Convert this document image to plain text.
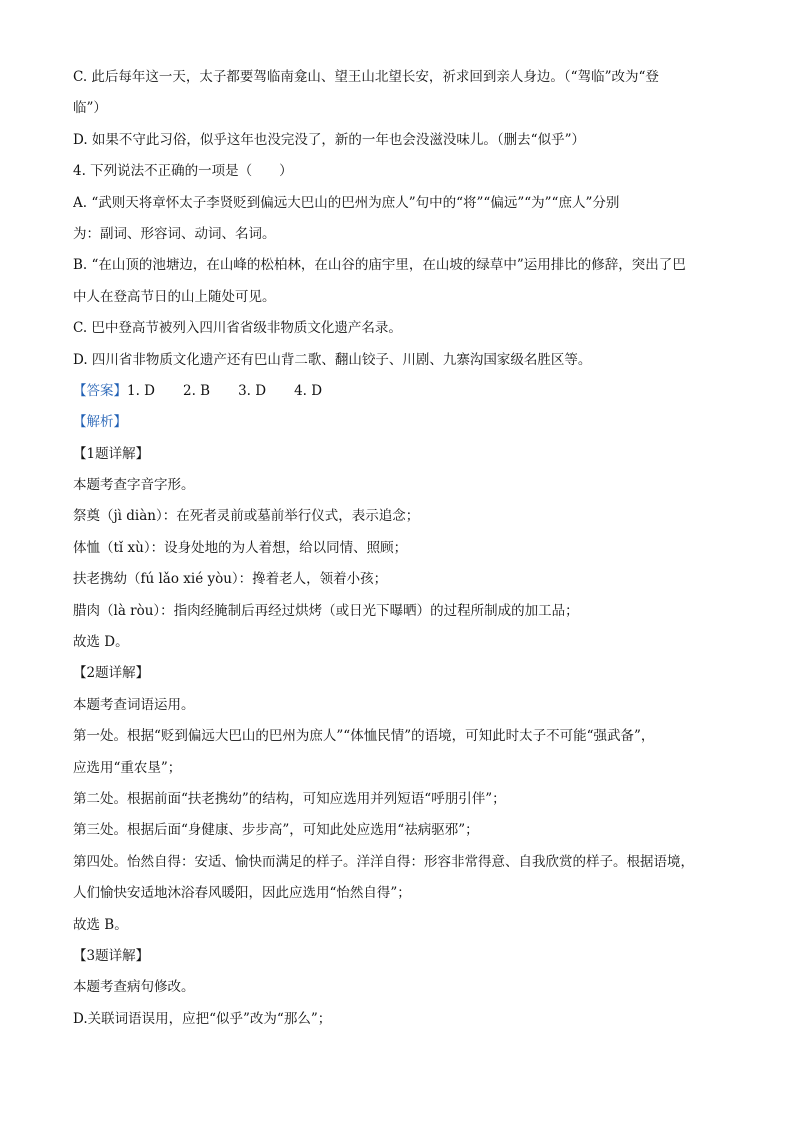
C. 此后每年这一天，太子都要驾临南龛山、望王山北望长安，祈求回到亲人身边。（“驾临”改为“登
临”）
D. 如果不守此习俗，似乎这年也没完没了，新的一年也会没滋没味儿。（删去“似乎”）
4. 下列说法不正确的一项是（　　）
A. “武则天将章怀太子李贤贬到偏远大巴山的巴州为庶人”句中的“将”“偏远”“为”“庶人”分别
为：副词、形容词、动词、名词。
B. “在山顶的池塘边，在山峰的松柏林，在山谷的庙宇里，在山坡的绿草中”运用排比的修辞，突出了巴
中人在登高节日的山上随处可见。
C. 巴中登高节被列入四川省省级非物质文化遗产名录。
D. 四川省非物质文化遗产还有巴山背二歌、翻山铰子、川剧、九寨沟国家级名胜区等。
【答案】1. D 2. B 3. D 4. D
【解析】
【1题详解】
本题考查字音字形。
祭奠（jì diàn）：在死者灵前或墓前举行仪式，表示追念；
体恤（tǐ xù）：设身处地的为人着想，给以同情、照顾；
扶老携幼（fú lǎo xié yòu）：搀着老人，领着小孩；
腊肉（là ròu）：指肉经腌制后再经过烘烤（或日光下曝晒）的过程所制成的加工品；
故选 D。
【2题详解】
本题考查词语运用。
第一处。根据“贬到偏远大巴山的巴州为庶人”“体恤民情”的语境，可知此时太子不可能“强武备”，
应选用“重农垦”；
第二处。根据前面“扶老携幼”的结构，可知应选用并列短语“呼朋引伴”；
第三处。根据后面“身健康、步步高”，可知此处应选用“祛病驱邪”；
第四处。怡然自得：安适、愉快而满足的样子。洋洋自得：形容非常得意、自我欣赏的样子。根据语境，
人们愉快安适地沐浴春风暖阳，因此应选用“怡然自得”；
故选 B。
【3题详解】
本题考查病句修改。
D.关联词语误用，应把“似乎”改为“那么”；
